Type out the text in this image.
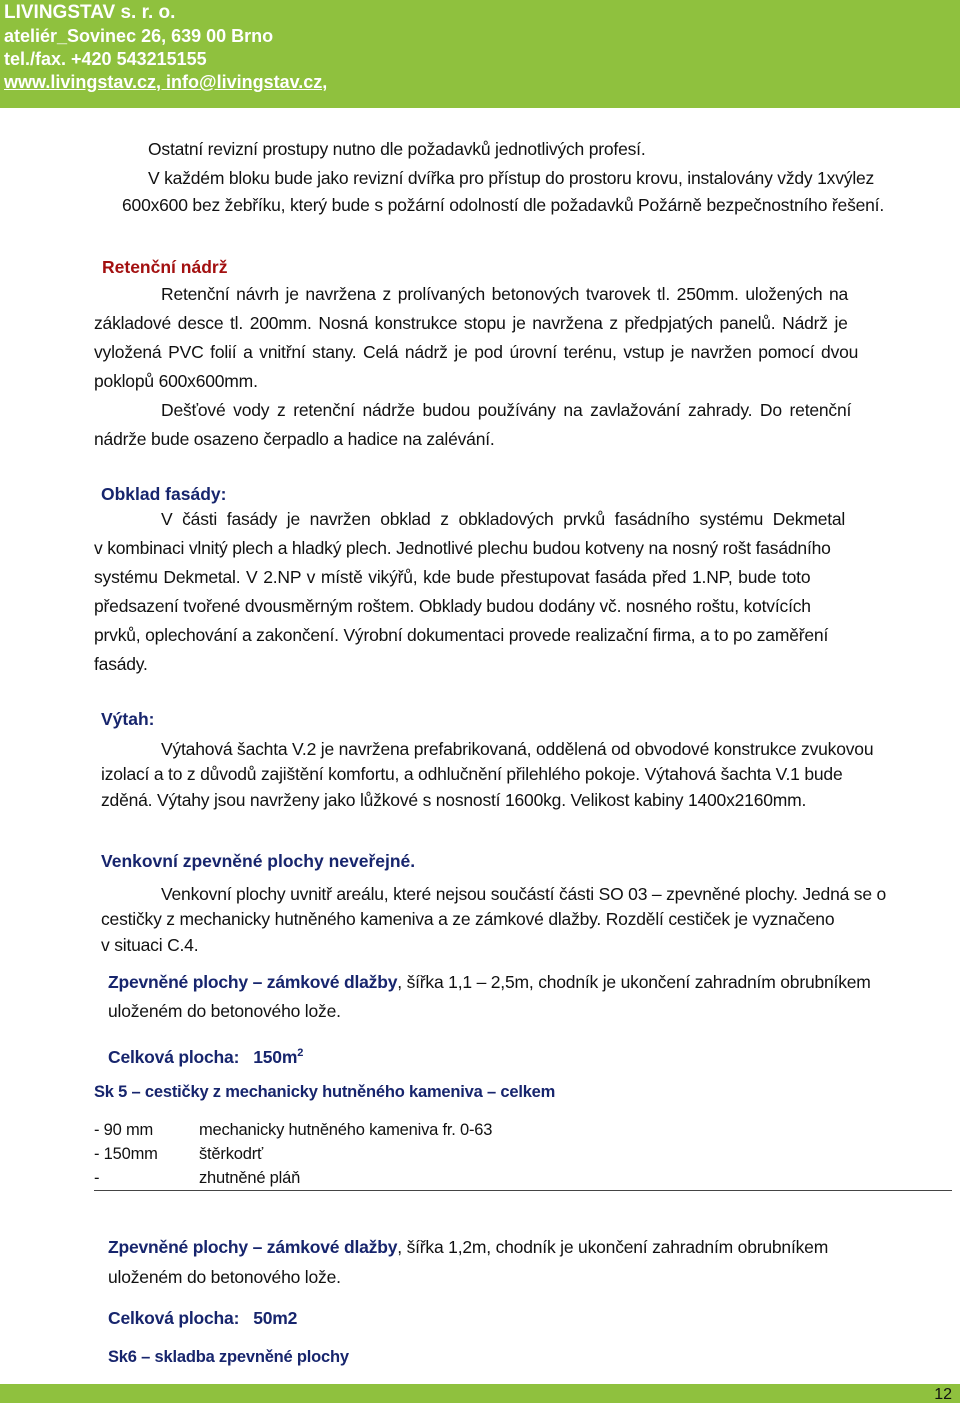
LIVINGSTAV s. r. o.
ateliér_Sovinec 26, 639 00 Brno
tel./fax. +420 543215155
www.livingstav.cz, info@livingstav.cz,
Ostatní revizní prostupy nutno dle požadavků jednotlivých profesí.
V každém bloku bude jako revizní dvířka pro přístup do prostoru krovu, instalovány vždy 1xvýlez
600x600 bez žebříku, který bude s požární odolností dle požadavků Požárně bezpečnostního řešení.
Retenční nádrž
Retenční návrh je navržena z prolívaných betonových tvarovek tl. 250mm. uložených na
základové desce tl. 200mm. Nosná konstrukce stopu je navržena z předpjatých panelů. Nádrž je
vyložená PVC folií a vnitřní stany. Celá nádrž je pod úrovní terénu, vstup je navržen pomocí dvou
poklopů 600x600mm.
Dešťové vody z retenční nádrže budou používány na zavlažování zahrady. Do retenční
nádrže bude osazeno čerpadlo a hadice na zalévání.
Obklad fasády:
V části fasády je navržen obklad z obkladových prvků fasádního systému Dekmetal
v kombinaci vlnitý plech a hladký plech. Jednotlivé plechu budou kotveny na nosný rošt fasádního
systému Dekmetal. V 2.NP v místě vikýřů, kde bude přestupovat fasáda před 1.NP, bude toto
předsazení tvořené dvousměrným roštem. Obklady budou dodány vč. nosného roštu, kotvících
prvků, oplechování a zakončení. Výrobní dokumentaci provede realizační firma, a to po zaměření
fasády.
Výtah:
Výtahová šachta V.2 je navržena prefabrikovaná, oddělená od obvodové konstrukce zvukovou
izolací a to z důvodů zajištění komfortu, a odhlučnění přilehlého pokoje. Výtahová šachta V.1 bude
zděná. Výtahy jsou navrženy jako lůžkové s nosností 1600kg. Velikost kabiny 1400x2160mm.
Venkovní zpevněné plochy neveřejné.
Venkovní plochy uvnitř areálu, které nejsou součástí části SO 03 – zpevněné plochy. Jedná se o
cestičky z mechanicky hutněného kameniva a ze zámkové dlažby. Rozdělí cestiček je vyznačeno
v situaci C.4.
Zpevněné plochy – zámkové dlažby, šířka 1,1 – 2,5m, chodník je ukončení zahradním obrubníkem
uloženém do betonového lože.
Celková plocha: $150m^2$
Sk 5 – cestičky z mechanicky hutněného kameniva – celkem
- 90 mm	mechanicky hutněného kameniva fr. 0-63
- 150mm	štěrkodrť
-	zhutněné pláň
Zpevněné plochy – zámkové dlažby, šířka 1,2m, chodník je ukončení zahradním obrubníkem
uloženém do betonového lože.
Celková plocha: 50m2
Sk6 – skladba zpevněné plochy
12
